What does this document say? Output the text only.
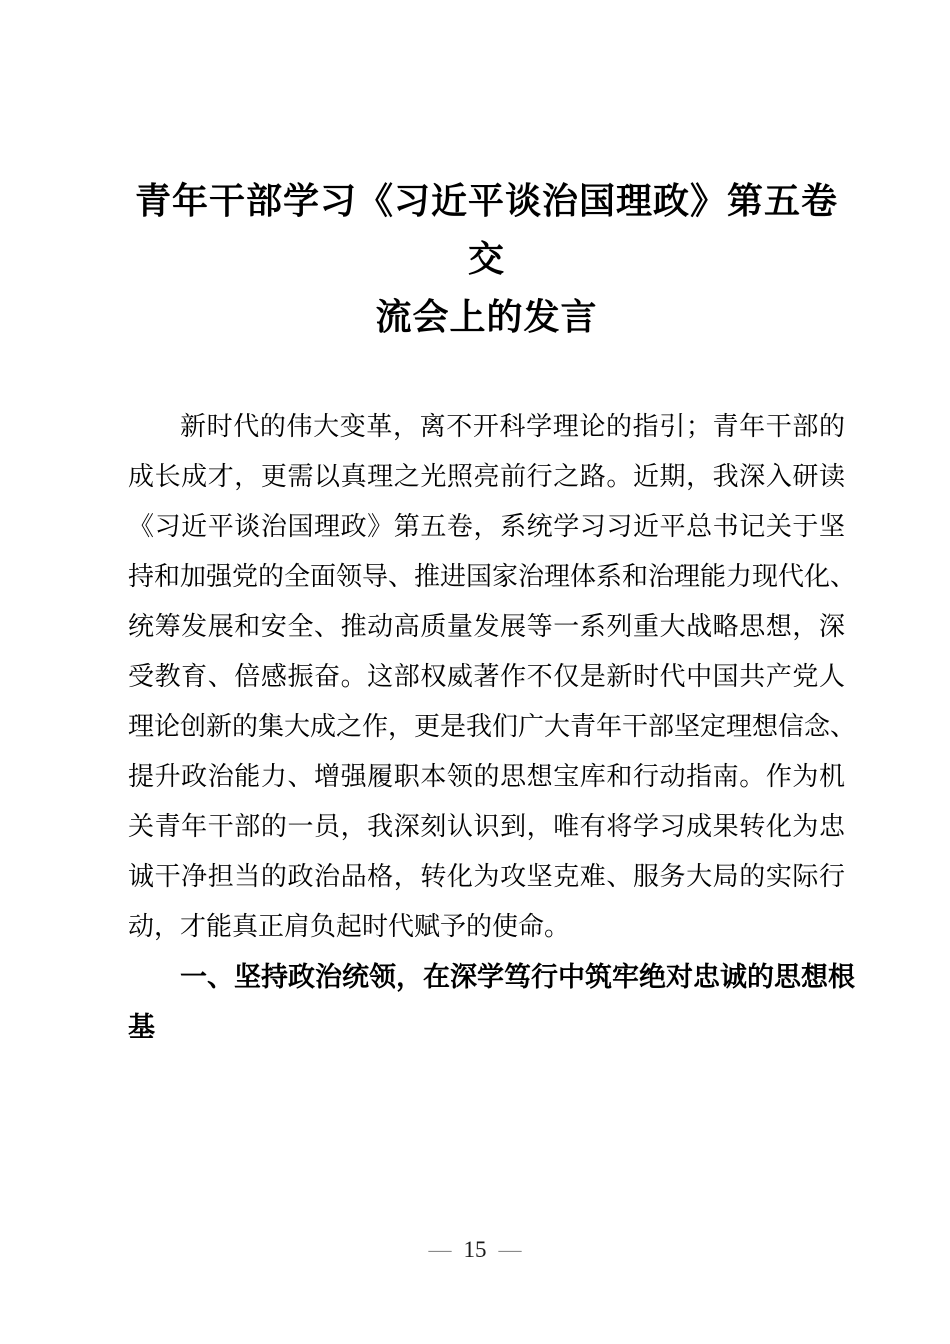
青年干部学习《习近平谈治国理政》第五卷交
流会上的发言
新时代的伟大变革，离不开科学理论的指引；青年干部的
成长成才，更需以真理之光照亮前行之路。近期，我深入研读
《习近平谈治国理政》第五卷，系统学习习近平总书记关于坚
持和加强党的全面领导、推进国家治理体系和治理能力现代化、
统筹发展和安全、推动高质量发展等一系列重大战略思想，深
受教育、倍感振奋。这部权威著作不仅是新时代中国共产党人
理论创新的集大成之作，更是我们广大青年干部坚定理想信念、
提升政治能力、增强履职本领的思想宝库和行动指南。作为机
关青年干部的一员，我深刻认识到，唯有将学习成果转化为忠
诚干净担当的政治品格，转化为攻坚克难、服务大局的实际行
动，才能真正肩负起时代赋予的使命。
一、坚持政治统领，在深学笃行中筑牢绝对忠诚的思想根
基
— 15 —
